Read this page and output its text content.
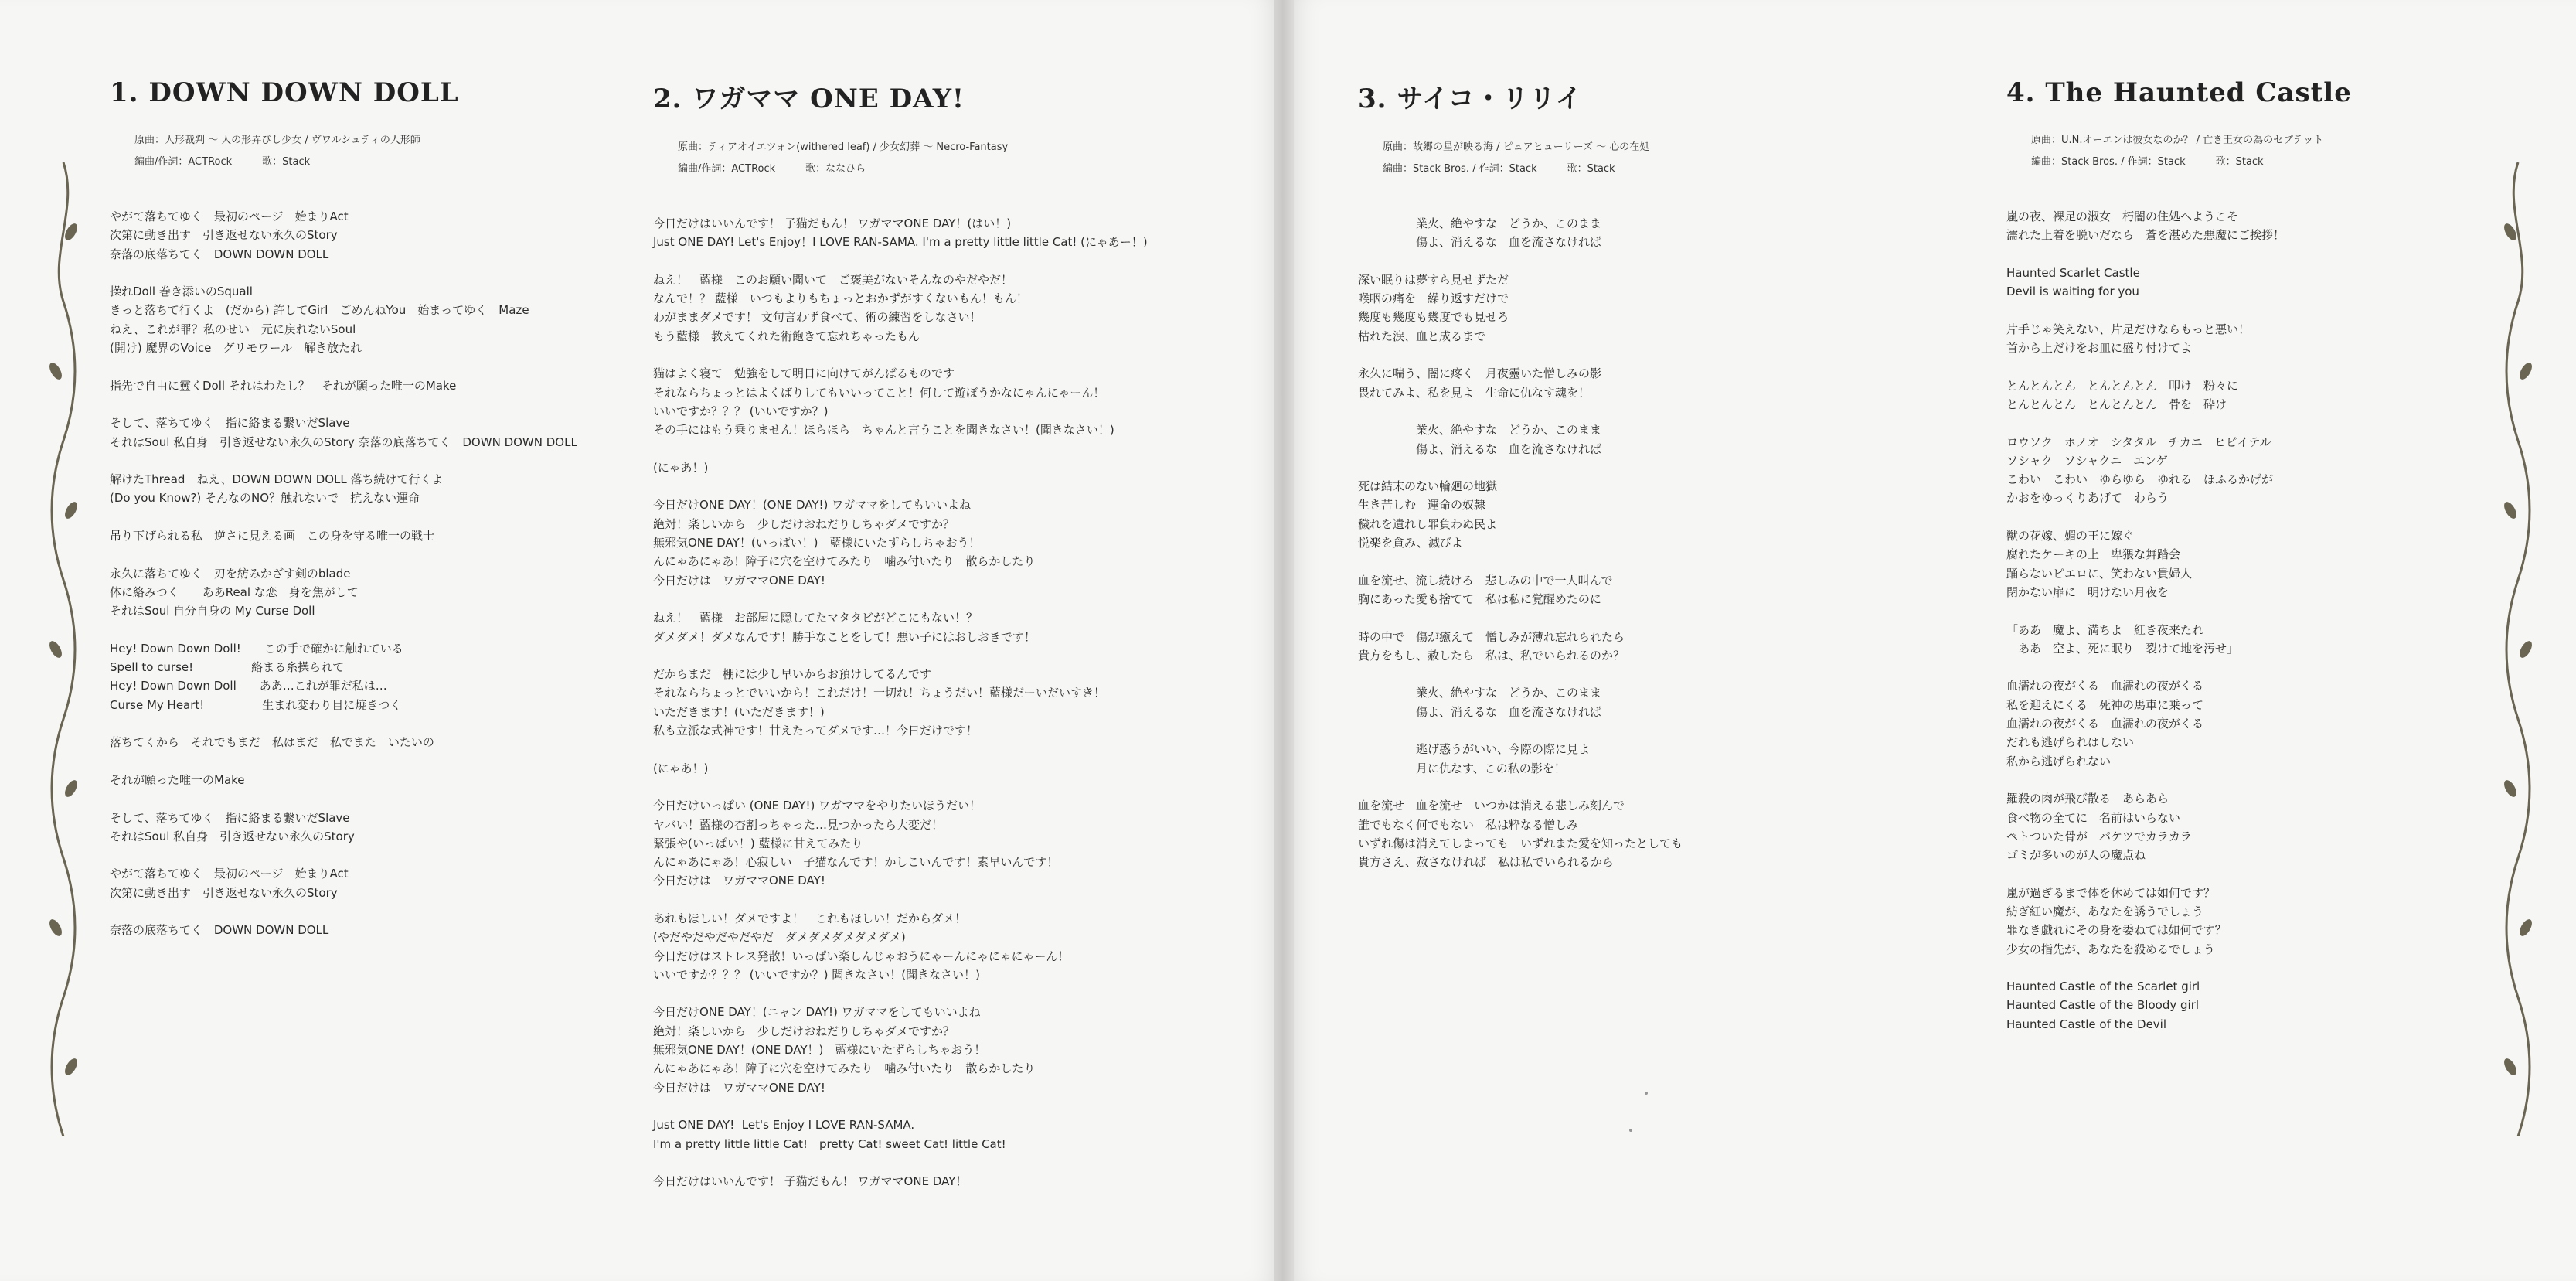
1. DOWN DOWN DOLL
原曲：人形裁判 ～ 人の形弄びし少女 / ヴワルシュティの人形師
編曲/作詞：ACTRock　　　歌：Stack
やがて落ちてゆく　最初のページ　始まりAct
次第に動き出す　引き返せない永久のStory
奈落の底落ちてく　DOWN DOWN DOLL
操れDoll 巻き添いのSquall
きっと落ちて行くよ　(だから) 許してGirl　ごめんねYou　始まってゆく　Maze
ねえ、これが罪？私のせい　元に戻れないSoul
(開け) 魔界のVoice　グリモワール　解き放たれ
指先で自由に靈くDoll それはわたし？　それが願った唯一のMake
そして、落ちてゆく　指に絡まる繋いだSlave
それはSoul 私自身　引き返せない永久のStory 奈落の底落ちてく　DOWN DOWN DOLL
解けたThread　ねえ、DOWN DOWN DOLL 落ち続けて行くよ
(Do you Know?) そんなのNO？触れないで　抗えない運命
吊り下げられる私　逆さに見える画　この身を守る唯一の戦士
永久に落ちてゆく　刃を紡みかざす剣のblade
体に絡みつく　　ああReal な恋　身を焦がして
それはSoul 自分自身の My Curse Doll
Hey! Down Down Doll!　　この手で確かに触れている
Spell to curse!　　　　　絡まる糸操られて
Hey! Down Down Doll　　ああ…これが罪だ私は…
Curse My Heart!　　　　　生まれ変わり目に焼きつく
落ちてくから　それでもまだ　私はまだ　私でまた　いたいの
それが願った唯一のMake
そして、落ちてゆく　指に絡まる繋いだSlave
それはSoul 私自身　引き返せない永久のStory
やがて落ちてゆく　最初のページ　始まりAct
次第に動き出す　引き返せない永久のStory
奈落の底落ちてく　DOWN DOWN DOLL
2. ワガママ ONE DAY!
原曲：ティアオイエツォン(withered leaf) / 少女幻葬 ～ Necro-Fantasy
編曲/作詞：ACTRock　　　歌：ななひら
今日だけはいいんです！ 子猫だもん！ ワガママONE DAY！(はい！)
Just ONE DAY! Let's Enjoy！I LOVE RAN-SAMA. I'm a pretty little little Cat! (にゃあー！)
ねえ！　藍様　このお願い聞いて　ご褒美がないそんなのやだやだ！
なんで！？ 藍様　いつもよりもちょっとおかずがすくないもん！もん！
わがままダメです！ 文句言わず食べて、術の練習をしなさい！
もう藍様　教えてくれた術飽きて忘れちゃったもん
猫はよく寝て　勉強をして明日に向けてがんばるものです
それならちょっとはよくばりしてもいいってこと！何して遊ぼうかなにゃんにゃーん！
いいですか？？？ (いいですか？)
その手にはもう乗りません！ほらほら　ちゃんと言うことを聞きなさい！(聞きなさい！)
(にゃあ！)
今日だけONE DAY！(ONE DAY!) ワガママをしてもいいよね
絶対！楽しいから　少しだけおねだりしちゃダメですか？
無邪気ONE DAY！(いっぱい！)　藍様にいたずらしちゃおう！
んにゃあにゃあ！障子に穴を空けてみたり　噛み付いたり　散らかしたり
今日だけは　ワガママONE DAY!
ねえ！　藍様　お部屋に隠してたマタタビがどこにもない！？
ダメダメ！ダメなんです！勝手なことをして！悪い子にはおしおきです！
だからまだ　棚には少し早いからお預けしてるんです
それならちょっとでいいから！これだけ！一切れ！ちょうだい！藍様だーいだいすき！
いただきます！(いただきます！)
私も立派な式神です！甘えたってダメです…！今日だけです！
(にゃあ！)
今日だけいっぱい (ONE DAY!) ワガママをやりたいほうだい！
ヤバい！藍様の杏割っちゃった…見つかったら大変だ！
緊張や(いっぱい！) 藍様に甘えてみたり
んにゃあにゃあ！心寂しい　子猫なんです！かしこいんです！素早いんです！
今日だけは　ワガママONE DAY!
あれもほしい！ダメですよ！　これもほしい！だからダメ！
(やだやだやだやだやだ　ダメダメダメダメダメ)
今日だけはストレス発散！いっぱい楽しんじゃおうにゃーんにゃにゃにゃーん！
いいですか？？？ (いいですか？) 聞きなさい！(聞きなさい！)
今日だけONE DAY！(ニャン DAY!) ワガママをしてもいいよね
絶対！楽しいから　少しだけおねだりしちゃダメですか？
無邪気ONE DAY！(ONE DAY！)　藍様にいたずらしちゃおう！
んにゃあにゃあ！障子に穴を空けてみたり　噛み付いたり　散らかしたり
今日だけは　ワガママONE DAY!
Just ONE DAY!  Let's Enjoy I LOVE RAN-SAMA.
I'm a pretty little little Cat!　pretty Cat! sweet Cat! little Cat!
今日だけはいいんです！ 子猫だもん！ ワガママONE DAY！
3. サイコ・リリイ
原曲：故郷の星が映る海 / ピュアヒューリーズ ～ 心の在処
編曲：Stack Bros. / 作詞：Stack　　　歌：Stack
　　　　　業火、絶やすな　どうか、このまま
　　　　　傷よ、消えるな　血を流さなければ
深い眠りは夢すら見せずただ
喉咽の痛を　繰り返すだけで
幾度も幾度も幾度でも見せろ
枯れた涙、血と成るまで
永久に喘う、闇に疼く　月夜靈いた憎しみの影
畏れてみよ、私を見よ　生命に仇なす魂を！
　　　　　業火、絶やすな　どうか、このまま
　　　　　傷よ、消えるな　血を流さなければ
死は結末のない輪廻の地獄
生き苦しむ　運命の奴隷
穢れを遺れし罪負わぬ民よ
悦楽を貪み、滅びよ
血を流せ、流し続けろ　悲しみの中で一人叫んで
胸にあった愛も捨てて　私は私に覚醒めたのに
時の中で　傷が癒えて　憎しみが薄れ忘れられたら
貴方をもし、赦したら　私は、私でいられるのか？
　　　　　業火、絶やすな　どうか、このまま
　　　　　傷よ、消えるな　血を流さなければ
　　　　　逃げ惑うがいい、今際の際に見よ
　　　　　月に仇なす、この私の影を！
血を流せ　血を流せ　いつかは消える悲しみ刻んで
誰でもなく何でもない　私は粋なる憎しみ
いずれ傷は消えてしまっても　いずれまた愛を知ったとしても
貴方さえ、赦さなければ　私は私でいられるから
4. The Haunted Castle
原曲：U.N.オーエンは彼女なのか？ / 亡き王女の為のセプテット
編曲：Stack Bros. / 作詞：Stack　　　歌：Stack
嵐の夜、裸足の淑女　朽闇の住処へようこそ
濡れた上着を脱いだなら　蒼を湛めた悪魔にご挨拶！
Haunted Scarlet Castle
Devil is waiting for you
片手じゃ笑えない、片足だけならもっと悪い！
首から上だけをお皿に盛り付けてよ
とんとんとん　とんとんとん　叩け　粉々に
とんとんとん　とんとんとん　骨を　砕け
ロウソク　ホノオ　シタタル　チカニ　ヒビイテル
ソシャク　ソシャクニ　エンゲ
こわい　こわい　ゆらゆら　ゆれる　ほふるかげが
かおをゆっくりあげて　わらう
獣の花嫁、媚の王に嫁ぐ
腐れたケーキの上　卑猥な舞踏会
踊らないピエロに、笑わない貴婦人
閉かない扉に　明けない月夜を
「ああ　魔よ、満ちよ　紅き夜来たれ
　ああ　空よ、死に眠り　裂けて地を汚せ」
血濡れの夜がくる　血濡れの夜がくる
私を迎えにくる　死神の馬車に乗って
血濡れの夜がくる　血濡れの夜がくる
だれも逃げられはしない
私から逃げられない
羅殺の肉が飛び散る　あらあら
食べ物の全てに　名前はいらない
ペトついた骨が　パケツでカラカラ
ゴミが多いのが人の魔点ね
嵐が過ぎるまで体を休めては如何です？
紡ぎ紅い魔が、あなたを誘うでしょう
罪なき戯れにその身を委ねては如何です？
少女の指先が、あなたを殺めるでしょう
Haunted Castle of the Scarlet girl
Haunted Castle of the Bloody girl
Haunted Castle of the Devil
